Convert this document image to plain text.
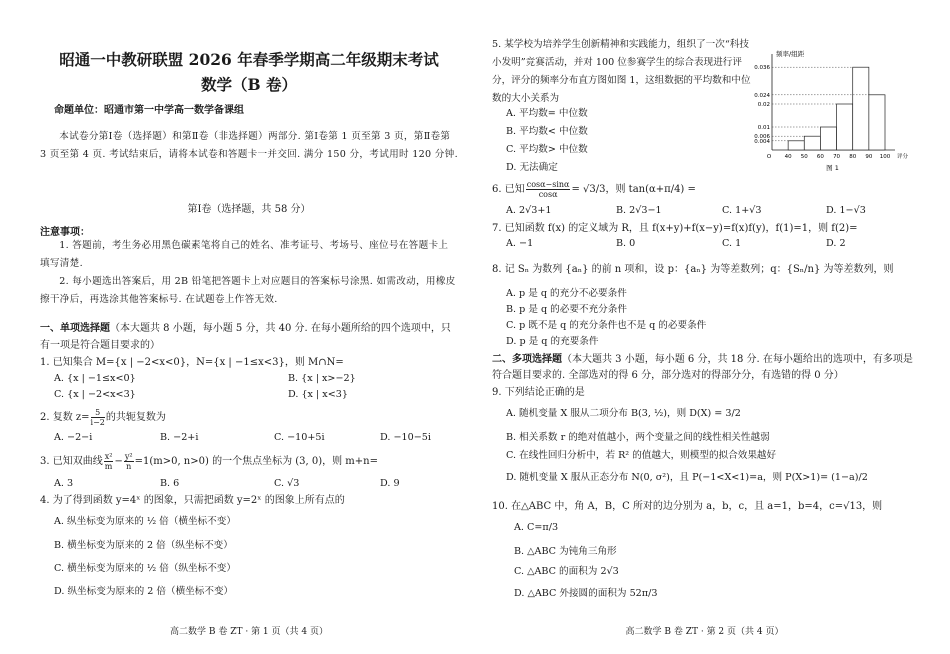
昭通一中教研联盟 2026 年春季学期高二年级期末考试
数学（B 卷）
命题单位：昭通市第一中学高一数学备课组
本试卷分第Ⅰ卷（选择题）和第Ⅱ卷（非选择题）两部分. 第Ⅰ卷第 1 页至第 3 页，第Ⅱ卷第 3 页至第 4 页. 考试结束后，请将本试卷和答题卡一并交回. 满分 150 分，考试用时 120 分钟.
第Ⅰ卷（选择题，共 58 分）
注意事项：
1. 答题前，考生务必用黑色碳素笔将自己的姓名、准考证号、考场号、座位号在答题卡上填写清楚.
2. 每小题选出答案后，用 2B 铅笔把答题卡上对应题目的答案标号涂黑. 如需改动，用橡皮擦干净后，再选涂其他答案标号. 在试题卷上作答无效.
一、单项选择题（本大题共 8 小题，每小题 5 分，共 40 分. 在每小题所给的四个选项中，只有一项是符合题目要求的）
1. 已知集合 M={x | −2<x<0}，N={x | −1≤x<3}，则 M∩N=
A. {x | −1≤x<0}	B. {x | x>−2}
C. {x | −2<x<3}	D. {x | x<3}
2. 复数 $z= \frac{5}{i-2}$ 的共轭复数为
A. −2−i	B. −2+i	C. −10+5i	D. −10−5i
3. 已知双曲线 $\frac{\text{x²}}{m} - \frac{\text{y²}}{n} =1(m>0$, n>0) 的一个焦点坐标为 (3, 0)，则 m+n=
A. 3	B. 6	C. √3	D. 9
4. 为了得到函数 y=4ˣ 的图象，只需把函数 y=2ˣ 的图象上所有点的
A. 纵坐标变为原来的 ½ 倍（横坐标不变）
B. 横坐标变为原来的 2 倍（纵坐标不变）
C. 横坐标变为原来的 ½ 倍（纵坐标不变）
D. 纵坐标变为原来的 2 倍（横坐标不变）
高二数学 B 卷 ZT · 第 1 页（共 4 页）
5. 某学校为培养学生创新精神和实践能力，组织了一次“科技小发明”竞赛活动，并对 100 位参赛学生的综合表现进行评分，评分的频率分布直方图如图 1，这组数据的平均数和中位数的大小关系为
A. 平均数= 中位数
B. 平均数< 中位数
C. 平均数> 中位数
D. 无法确定
频率/组距
0.004
0.006
0.01
0.02
0.024
0.036
O 40 50 60 70 80 90 100 评分
图 1
6. 已知 $\frac{\cos\alpha-\sin\alpha}{\cos\alpha} = √3/3$，则 tan(α+π/4) =
A. 2√3+1	B. 2√3−1	C. 1+√3	D. 1−√3
7. 已知函数 f(x) 的定义域为 R，且 f(x+y)+f(x−y)=f(x)f(y)，f(1)=1，则 f(2)=
A. −1	B. 0	C. 1	D. 2
8. 记 Sₙ 为数列 {aₙ} 的前 n 项和，设 p：{aₙ} 为等差数列；q：{Sₙ/n} 为等差数列，则
A. p 是 q 的充分不必要条件
B. p 是 q 的必要不充分条件
C. p 既不是 q 的充分条件也不是 q 的必要条件
D. p 是 q 的充要条件
二、多项选择题（本大题共 3 小题，每小题 6 分，共 18 分. 在每小题给出的选项中，有多项是符合题目要求的. 全部选对的得 6 分，部分选对的得部分分，有选错的得 0 分）
9. 下列结论正确的是
A. 随机变量 X 服从二项分布 B(3, ½)，则 D(X) = 3/2
B. 相关系数 r 的绝对值越小，两个变量之间的线性相关性越弱
C. 在线性回归分析中，若 R² 的值越大，则模型的拟合效果越好
D. 随机变量 X 服从正态分布 N(0, σ²)，且 P(−1<X<1)=a，则 P(X>1)= (1−a)/2
10. 在△ABC 中，角 A，B，C 所对的边分别为 a，b，c，且 a=1，b=4，c=√13，则
A. C=π/3
B. △ABC 为钝角三角形
C. △ABC 的面积为 2√3
D. △ABC 外接圆的面积为 52π/3
高二数学 B 卷 ZT · 第 2 页（共 4 页）
